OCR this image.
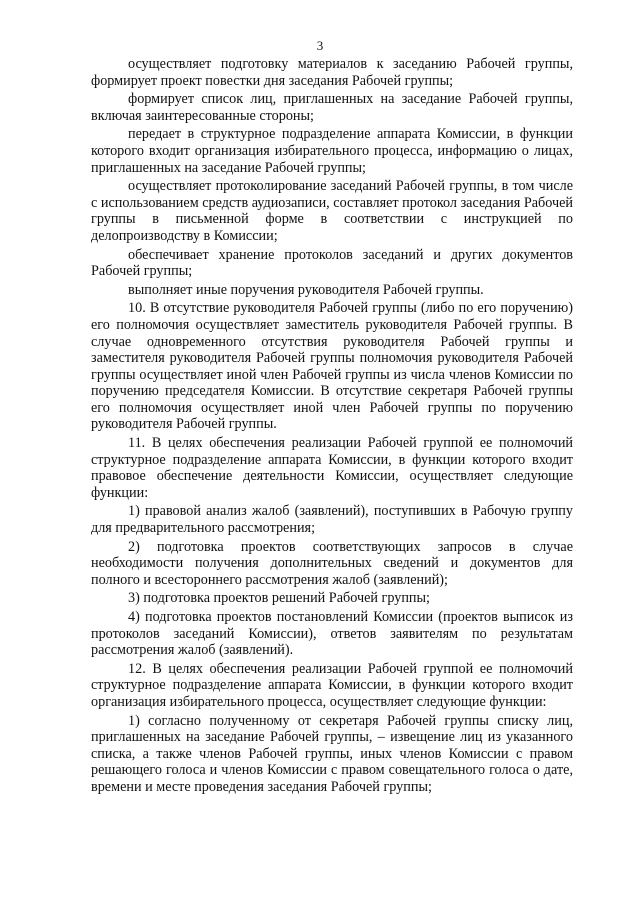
3

осуществляет подготовку материалов к заседанию Рабочей группы, формирует проект повестки дня заседания Рабочей группы;

формирует список лиц, приглашенных на заседание Рабочей группы, включая заинтересованные стороны;

передает в структурное подразделение аппарата Комиссии, в функции которого входит организация избирательного процесса, информацию о лицах, приглашенных на заседание Рабочей группы;

осуществляет протоколирование заседаний Рабочей группы, в том числе с использованием средств аудиозаписи, составляет протокол заседания Рабочей группы в письменной форме в соответствии с инструкцией по делопроизводству в Комиссии;

обеспечивает хранение протоколов заседаний и других документов Рабочей группы;

выполняет иные поручения руководителя Рабочей группы.

10. В отсутствие руководителя Рабочей группы (либо по его поручению) его полномочия осуществляет заместитель руководителя Рабочей группы. В случае одновременного отсутствия руководителя Рабочей группы и заместителя руководителя Рабочей группы полномочия руководителя Рабочей группы осуществляет иной член Рабочей группы из числа членов Комиссии по поручению председателя Комиссии. В отсутствие секретаря Рабочей группы его полномочия осуществляет иной член Рабочей группы по поручению руководителя Рабочей группы.

11. В целях обеспечения реализации Рабочей группой ее полномочий структурное подразделение аппарата Комиссии, в функции которого входит правовое обеспечение деятельности Комиссии, осуществляет следующие функции:

1) правовой анализ жалоб (заявлений), поступивших в Рабочую группу для предварительного рассмотрения;

2) подготовка проектов соответствующих запросов в случае необходимости получения дополнительных сведений и документов для полного и всестороннего рассмотрения жалоб (заявлений);

3) подготовка проектов решений Рабочей группы;

4) подготовка проектов постановлений Комиссии (проектов выписок из протоколов заседаний Комиссии), ответов заявителям по результатам рассмотрения жалоб (заявлений).

12. В целях обеспечения реализации Рабочей группой ее полномочий структурное подразделение аппарата Комиссии, в функции которого входит организация избирательного процесса, осуществляет следующие функции:

1) согласно полученному от секретаря Рабочей группы списку лиц, приглашенных на заседание Рабочей группы, – извещение лиц из указанного списка, а также членов Рабочей группы, иных членов Комиссии с правом решающего голоса и членов Комиссии с правом совещательного голоса о дате, времени и месте проведения заседания Рабочей группы;
